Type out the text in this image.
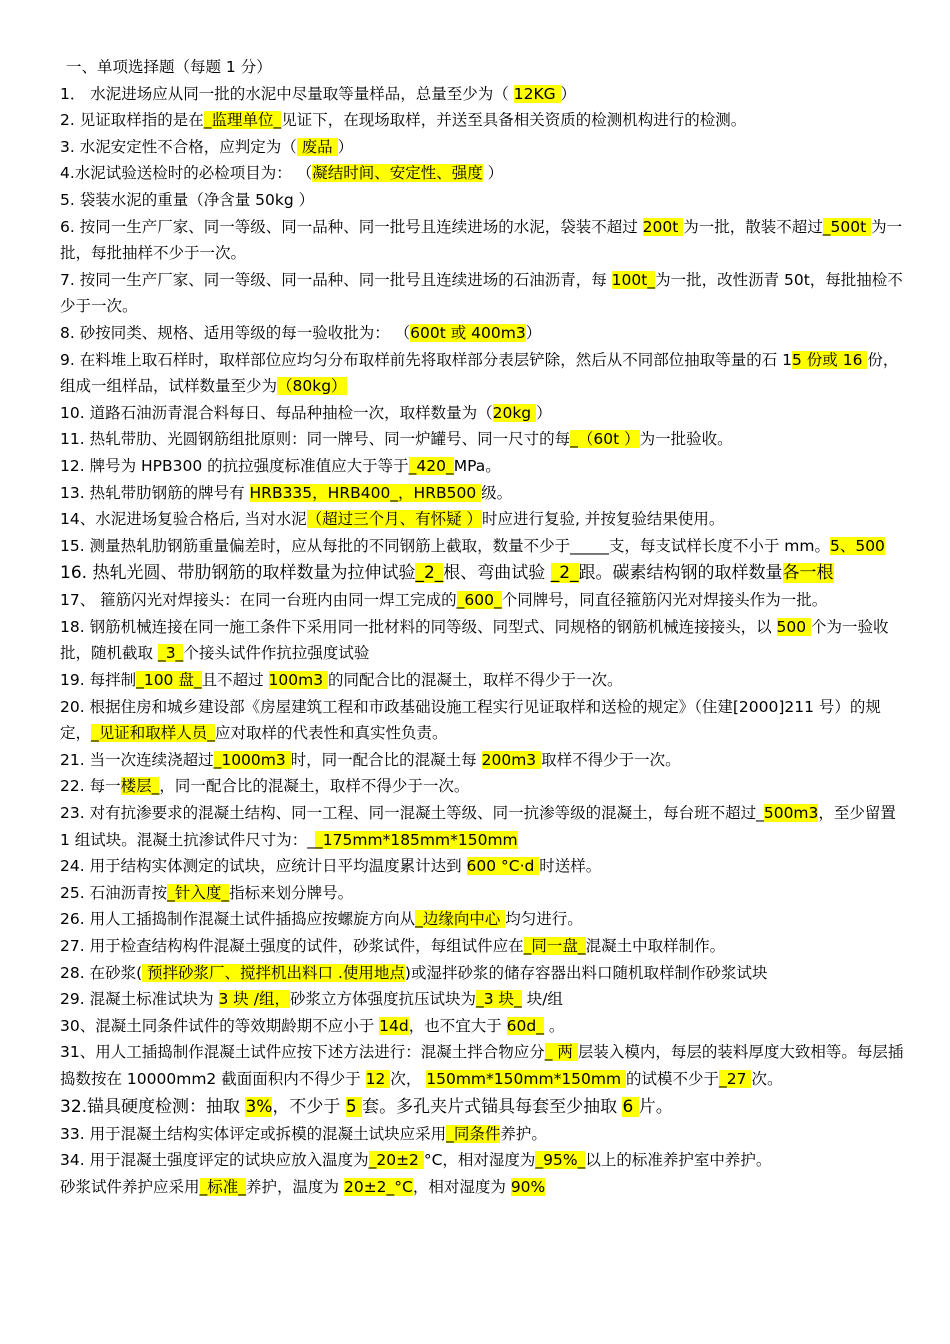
一、单项选择题（每题 1 分）

1． 水泥进场应从同一批的水泥中尽量取等量样品，总量至少为（ 12KG ）

2. 见证取样指的是在_监理单位_见证下，在现场取样，并送至具备相关资质的检测机构进行的检测。

3. 水泥安定性不合格，应判定为（ 废品 ）

4.水泥试验送检时的必检项目为： （凝结时间、安定性、强度 ）

5. 袋装水泥的重量（净含量 50kg ）

6. 按同一生产厂家、同一等级、同一品种、同一批号且连续进场的水泥，袋装不超过 200t 为一批，散装不超过_500t 为一批，每批抽样不少于一次。

7. 按同一生产厂家、同一等级、同一品种、同一批号且连续进场的石油沥青，每 100t_为一批，改性沥青 50t，每批抽检不少于一次。

8. 砂按同类、规格、适用等级的每一验收批为： （600t 或 400m3）

9. 在料堆上取石样时，取样部位应均匀分布取样前先将取样部分表层铲除，然后从不同部位抽取等量的石 15 份或 16 份，组成一组样品，试样数量至少为（80kg）

10. 道路石油沥青混合料每日、每品种抽检一次，取样数量为（20kg ）

11. 热轧带肋、光圆钢筋组批原则：同一牌号、同一炉罐号、同一尺寸的每_（60t ）为一批验收。

12. 牌号为 HPB300 的抗拉强度标准值应大于等于_420_MPa。

13. 热轧带肋钢筋的牌号有 HRB335，HRB400_，HRB500 级。

14、水泥进场复验合格后, 当对水泥（超过三个月、有怀疑 ）时应进行复验, 并按复验结果使用。

15. 测量热轧肋钢筋重量偏差时，应从每批的不同钢筋上截取，数量不少于_____支，每支试样长度不小于 mm。5、500

16. 热轧光圆、带肋钢筋的取样数量为拉伸试验_2_根、弯曲试验 _2_跟。碳素结构钢的取样数量各一根

17、 箍筋闪光对焊接头：在同一台班内由同一焊工完成的_600_个同牌号，同直径箍筋闪光对焊接头作为一批。

18. 钢筋机械连接在同一施工条件下采用同一批材料的同等级、同型式、同规格的钢筋机械连接接头，以 500 个为一验收批，随机截取 _3_个接头试件作抗拉强度试验

19. 每拌制_100 盘_且不超过 100m3 的同配合比的混凝土，取样不得少于一次。

20. 根据住房和城乡建设部《房屋建筑工程和市政基础设施工程实行见证取样和送检的规定》（住建[2000]211 号）的规定，_见证和取样人员_应对取样的代表性和真实性负责。

21. 当一次连续浇超过_1000m3 时，同一配合比的混凝土每 200m3 取样不得少于一次。

22. 每一楼层_，同一配合比的混凝土，取样不得少于一次。

23. 对有抗渗要求的混凝土结构、同一工程、同一混凝土等级、同一抗渗等级的混凝土，每台班不超过_500m3，至少留置 1 组试块。混凝土抗渗试件尺寸为：__175mm*185mm*150mm

24. 用于结构实体测定的试块，应统计日平均温度累计达到 600 °C·d 时送样。

25. 石油沥青按_针入度_指标来划分牌号。

26. 用人工插捣制作混凝土试件插捣应按螺旋方向从_边缘向中心 均匀进行。

27. 用于检查结构构件混凝土强度的试件，砂浆试件，每组试件应在_同一盘_混凝土中取样制作。

28. 在砂浆( 预拌砂浆厂、搅拌机出料口 .使用地点)或湿拌砂浆的储存容器出料口随机取样制作砂浆试块

29. 混凝土标准试块为 3 块 /组，砂浆立方体强度抗压试块为_3 块_ 块/组

30、混凝土同条件试件的等效期龄期不应小于 14d，也不宜大于 60d_ 。

31、用人工插捣制作混凝土试件应按下述方法进行：混凝土拌合物应分_ 两 层装入模内，每层的装料厚度大致相等。每层插捣数按在 10000mm2 截面面积内不得少于 12 次， 150mm*150mm*150mm 的试模不少于_27 次。

32.锚具硬度检测：抽取 3%，不少于 5 套。多孔夹片式锚具每套至少抽取 6 片。

33. 用于混凝土结构实体评定或拆模的混凝土试块应采用_同条件养护。

34. 用于混凝土强度评定的试块应放入温度为_20±2 °C，相对湿度为_95%_以上的标准养护室中养护。

砂浆试件养护应采用_标准_养护，温度为 20±2_°C，相对湿度为 90%
